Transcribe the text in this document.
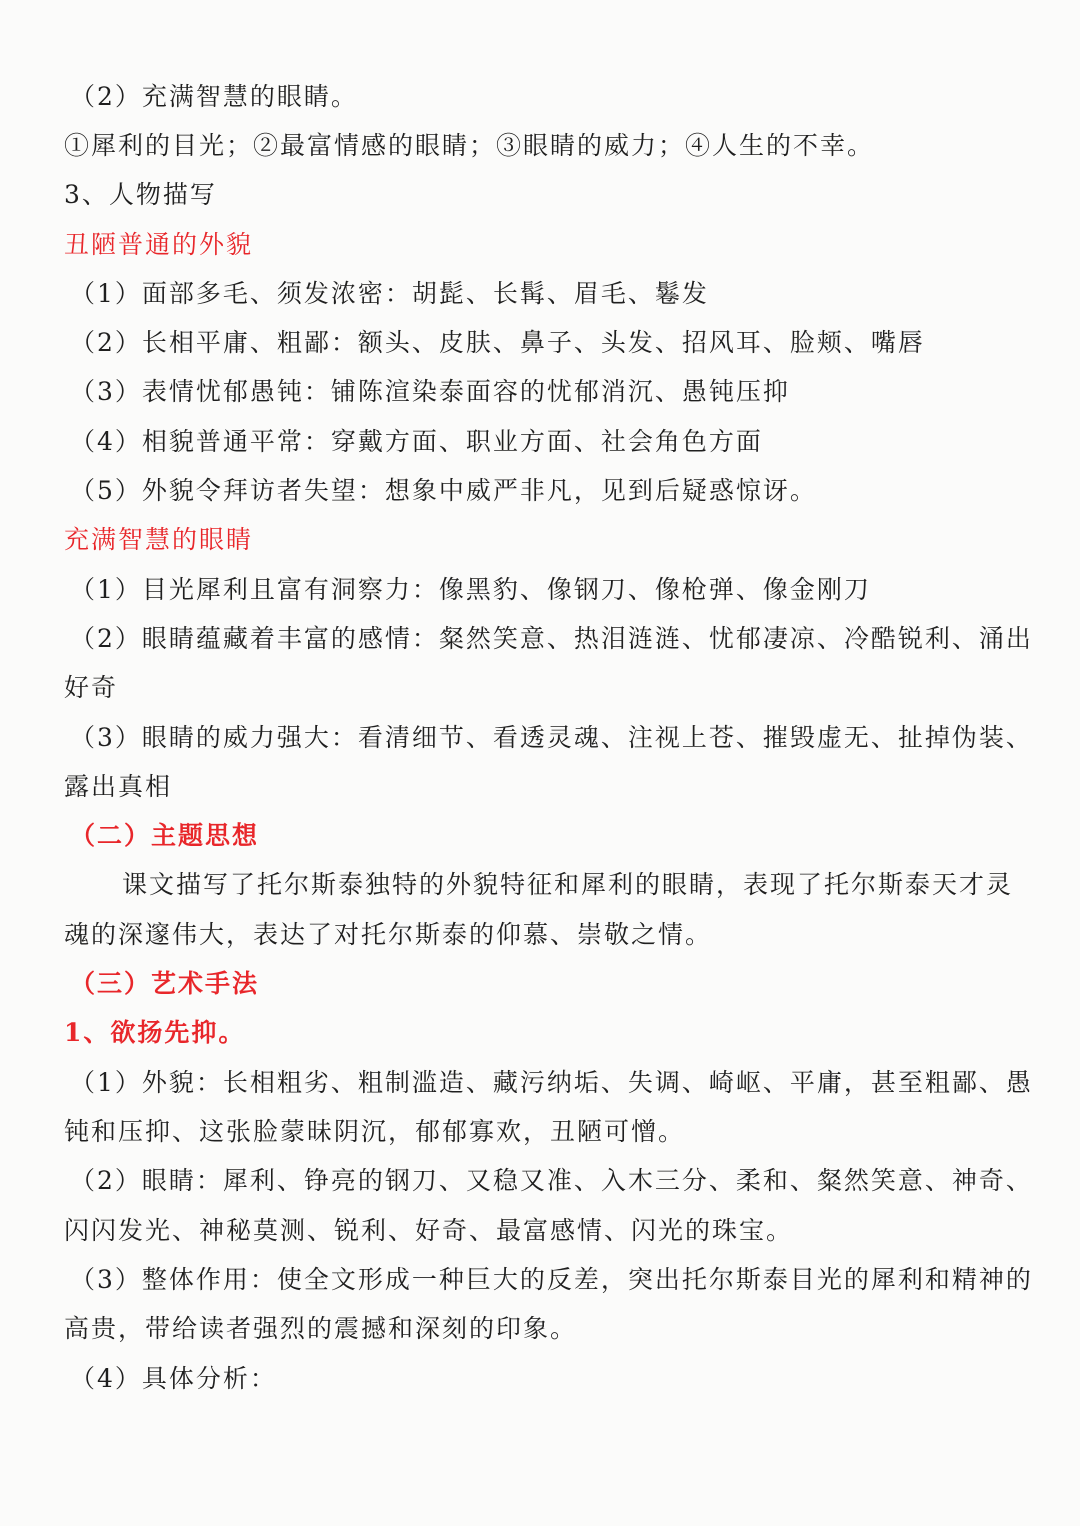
（2）充满智慧的眼睛。
①犀利的目光；②最富情感的眼睛；③眼睛的威力；④人生的不幸。
3、人物描写
丑陋普通的外貌
（1）面部多毛、须发浓密：胡髭、长髯、眉毛、鬈发
（2）长相平庸、粗鄙：额头、皮肤、鼻子、头发、招风耳、脸颊、嘴唇
（3）表情忧郁愚钝：铺陈渲染泰面容的忧郁消沉、愚钝压抑
（4）相貌普通平常：穿戴方面、职业方面、社会角色方面
（5）外貌令拜访者失望：想象中威严非凡，见到后疑惑惊讶。
充满智慧的眼睛
（1）目光犀利且富有洞察力：像黑豹、像钢刀、像枪弹、像金刚刀
（2）眼睛蕴藏着丰富的感情：粲然笑意、热泪涟涟、忧郁凄凉、冷酷锐利、涌出
好奇
（3）眼睛的威力强大：看清细节、看透灵魂、注视上苍、摧毁虚无、扯掉伪装、
露出真相
（二）主题思想
课文描写了托尔斯泰独特的外貌特征和犀利的眼睛，表现了托尔斯泰天才灵
魂的深邃伟大，表达了对托尔斯泰的仰慕、崇敬之情。
（三）艺术手法
1、欲扬先抑。
（1）外貌：长相粗劣、粗制滥造、藏污纳垢、失调、崎岖、平庸，甚至粗鄙、愚
钝和压抑、这张脸蒙昧阴沉，郁郁寡欢，丑陋可憎。
（2）眼睛：犀利、铮亮的钢刀、又稳又准、入木三分、柔和、粲然笑意、神奇、
闪闪发光、神秘莫测、锐利、好奇、最富感情、闪光的珠宝。
（3）整体作用：使全文形成一种巨大的反差，突出托尔斯泰目光的犀利和精神的
高贵，带给读者强烈的震撼和深刻的印象。
（4）具体分析：
